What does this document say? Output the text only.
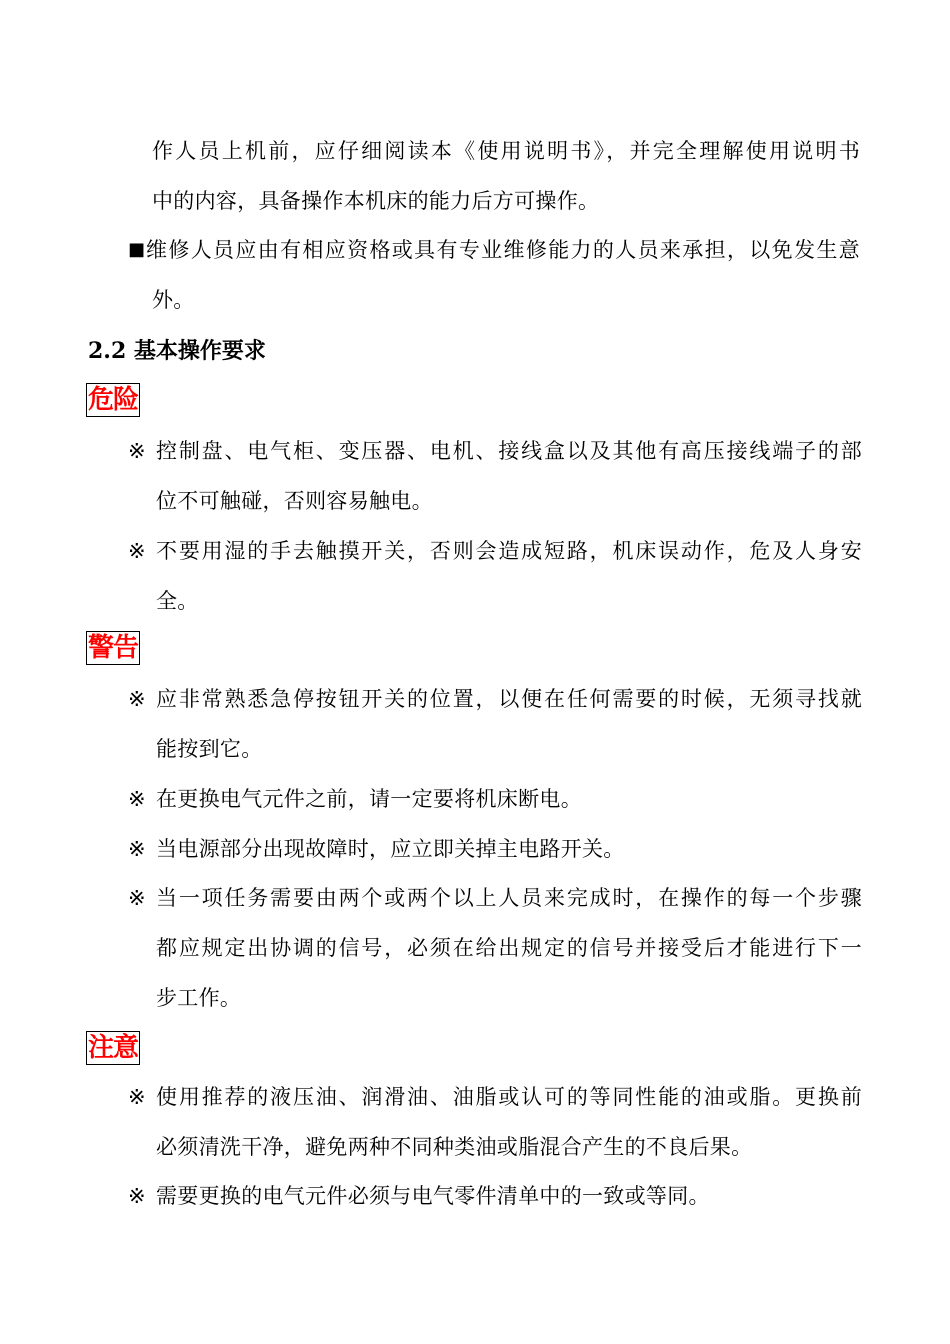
作人员上机前，应仔细阅读本《使用说明书》，并完全理解使用说明书
中的内容，具备操作本机床的能力后方可操作。
■ 维修人员应由有相应资格或具有专业维修能力的人员来承担，以免发生意
外。
2.2 基本操作要求
危险
※ 控制盘、电气柜、变压器、电机、接线盒以及其他有高压接线端子的部
位不可触碰，否则容易触电。
※ 不要用湿的手去触摸开关，否则会造成短路，机床误动作，危及人身安
全。
警告
※ 应非常熟悉急停按钮开关的位置，以便在任何需要的时候，无须寻找就
能按到它。
※ 在更换电气元件之前，请一定要将机床断电。
※ 当电源部分出现故障时，应立即关掉主电路开关。
※ 当一项任务需要由两个或两个以上人员来完成时，在操作的每一个步骤
都应规定出协调的信号，必须在给出规定的信号并接受后才能进行下一
步工作。
注意
※ 使用推荐的液压油、润滑油、油脂或认可的等同性能的油或脂。更换前
必须清洗干净，避免两种不同种类油或脂混合产生的不良后果。
※ 需要更换的电气元件必须与电气零件清单中的一致或等同。
